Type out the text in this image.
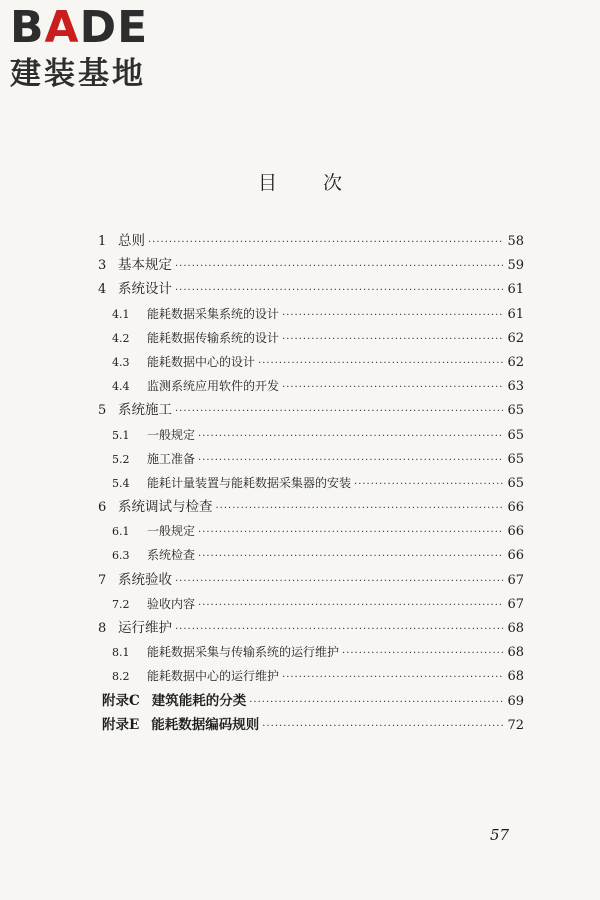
BADE
建装基地
目次
1 总则 ·····	58
3 基本规定 ·····	59
4 系统设计 ·····	61
4.1	能耗数据采集系统的设计 ·····	61
4.2	能耗数据传输系统的设计 ·····	62
4.3	能耗数据中心的设计 ·····	62
4.4	监测系统应用软件的开发 ·····	63
5 系统施工 ·····	65
5.1	一般规定 ·····	65
5.2	施工准备 ·····	65
5.4	能耗计量装置与能耗数据采集器的安装 ·····	65
6 系统调试与检查 ·····	66
6.1	一般规定 ·····	66
6.3	系统检查 ·····	66
7 系统验收 ·····	67
7.2	验收内容 ·····	67
8 运行维护 ·····	68
8.1	能耗数据采集与传输系统的运行维护 ·····	68
8.2	能耗数据中心的运行维护 ·····	68
附录C 建筑能耗的分类 ·····	69
附录E 能耗数据编码规则 ·····	72
57
